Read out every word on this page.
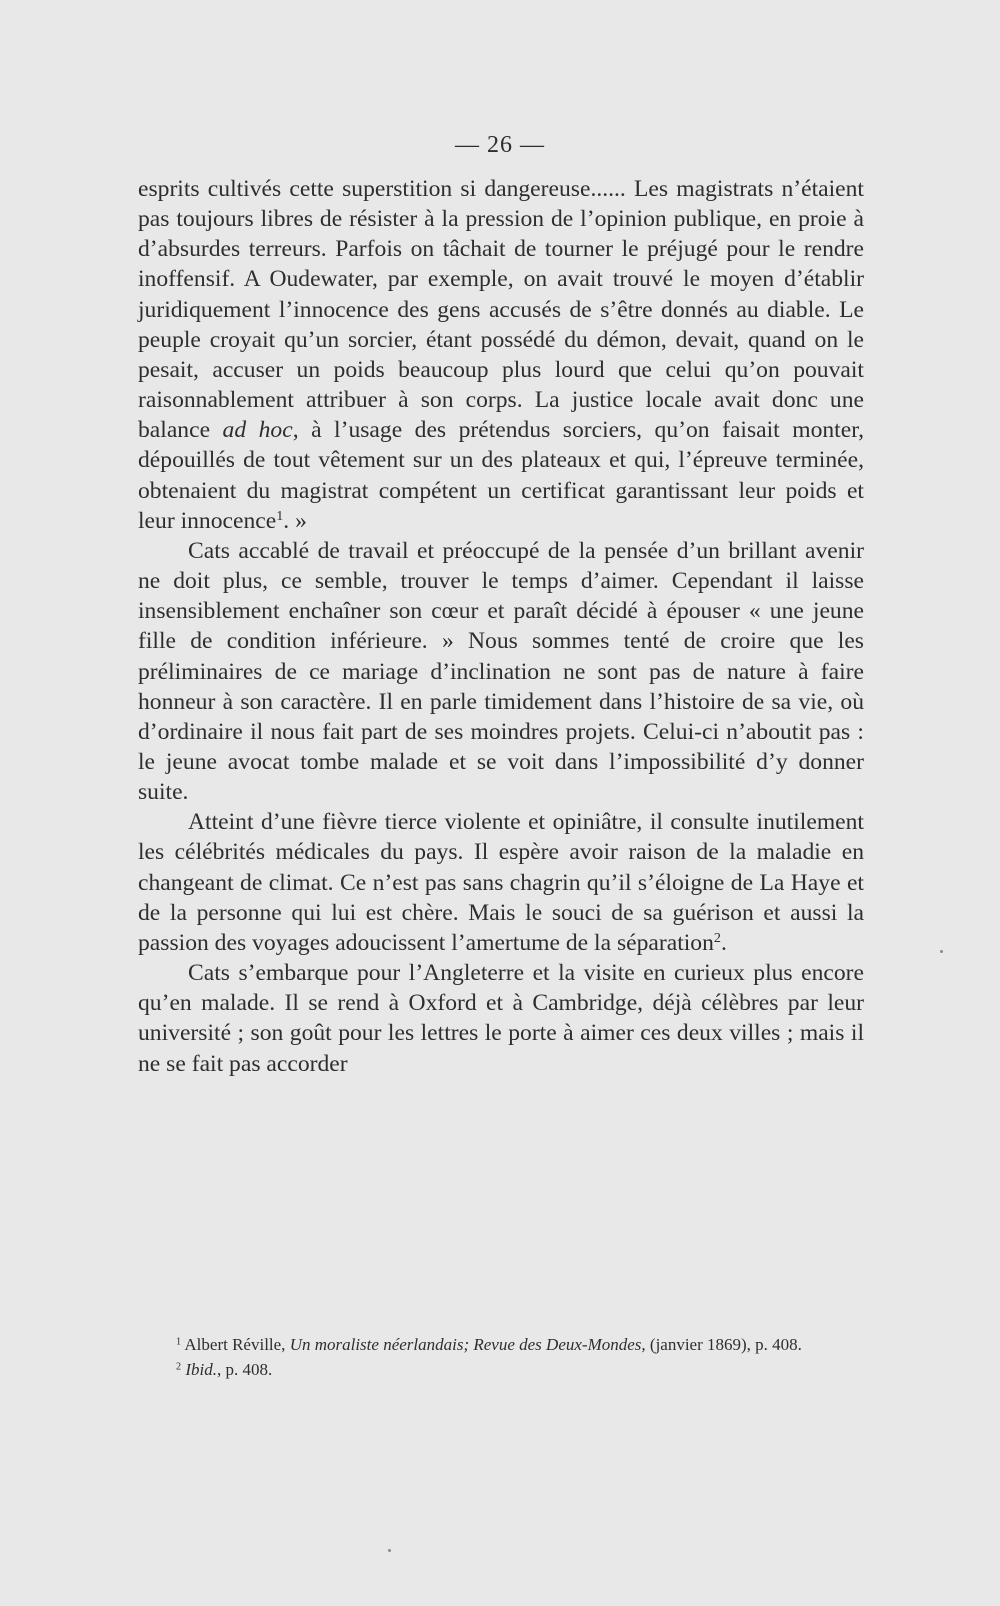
— 26 —

esprits cultivés cette superstition si dangereuse...... Les magistrats n’étaient pas toujours libres de résister à la pression de l’opinion publique, en proie à d’absurdes terreurs. Parfois on tâchait de tourner le préjugé pour le rendre inoffensif. A Oudewater, par exemple, on avait trouvé le moyen d’établir juridiquement l’innocence des gens accusés de s’être donnés au diable. Le peuple croyait qu’un sorcier, étant possédé du démon, devait, quand on le pesait, accuser un poids beaucoup plus lourd que celui qu’on pouvait raisonnablement attribuer à son corps. La justice locale avait donc une balance ad hoc, à l’usage des prétendus sorciers, qu’on faisait monter, dépouillés de tout vêtement sur un des plateaux et qui, l’épreuve terminée, obtenaient du magistrat compétent un certificat garantissant leur poids et leur innocence$^1$. »

Cats accablé de travail et préoccupé de la pensée d’un brillant avenir ne doit plus, ce semble, trouver le temps d’aimer. Cependant il laisse insensiblement enchaîner son cœur et paraît décidé à épouser « une jeune fille de condition inférieure. » Nous sommes tenté de croire que les préliminaires de ce mariage d’inclination ne sont pas de nature à faire honneur à son caractère. Il en parle timidement dans l’histoire de sa vie, où d’ordinaire il nous fait part de ses moindres projets. Celui-ci n’aboutit pas : le jeune avocat tombe malade et se voit dans l’impossibilité d’y donner suite.

Atteint d’une fièvre tierce violente et opiniâtre, il consulte inutilement les célébrités médicales du pays. Il espère avoir raison de la maladie en changeant de climat. Ce n’est pas sans chagrin qu’il s’éloigne de La Haye et de la personne qui lui est chère. Mais le souci de sa guérison et aussi la passion des voyages adoucissent l’amertume de la séparation$^2$.

Cats s’embarque pour l’Angleterre et la visite en curieux plus encore qu’en malade. Il se rend à Oxford et à Cambridge, déjà célèbres par leur université ; son goût pour les lettres le porte à aimer ces deux villes ; mais il ne se fait pas accorder

$^1$ Albert Réville, Un moraliste néerlandais; Revue des Deux-Mondes, (janvier 1869), p. 408.

$^2$ Ibid., p. 408.
